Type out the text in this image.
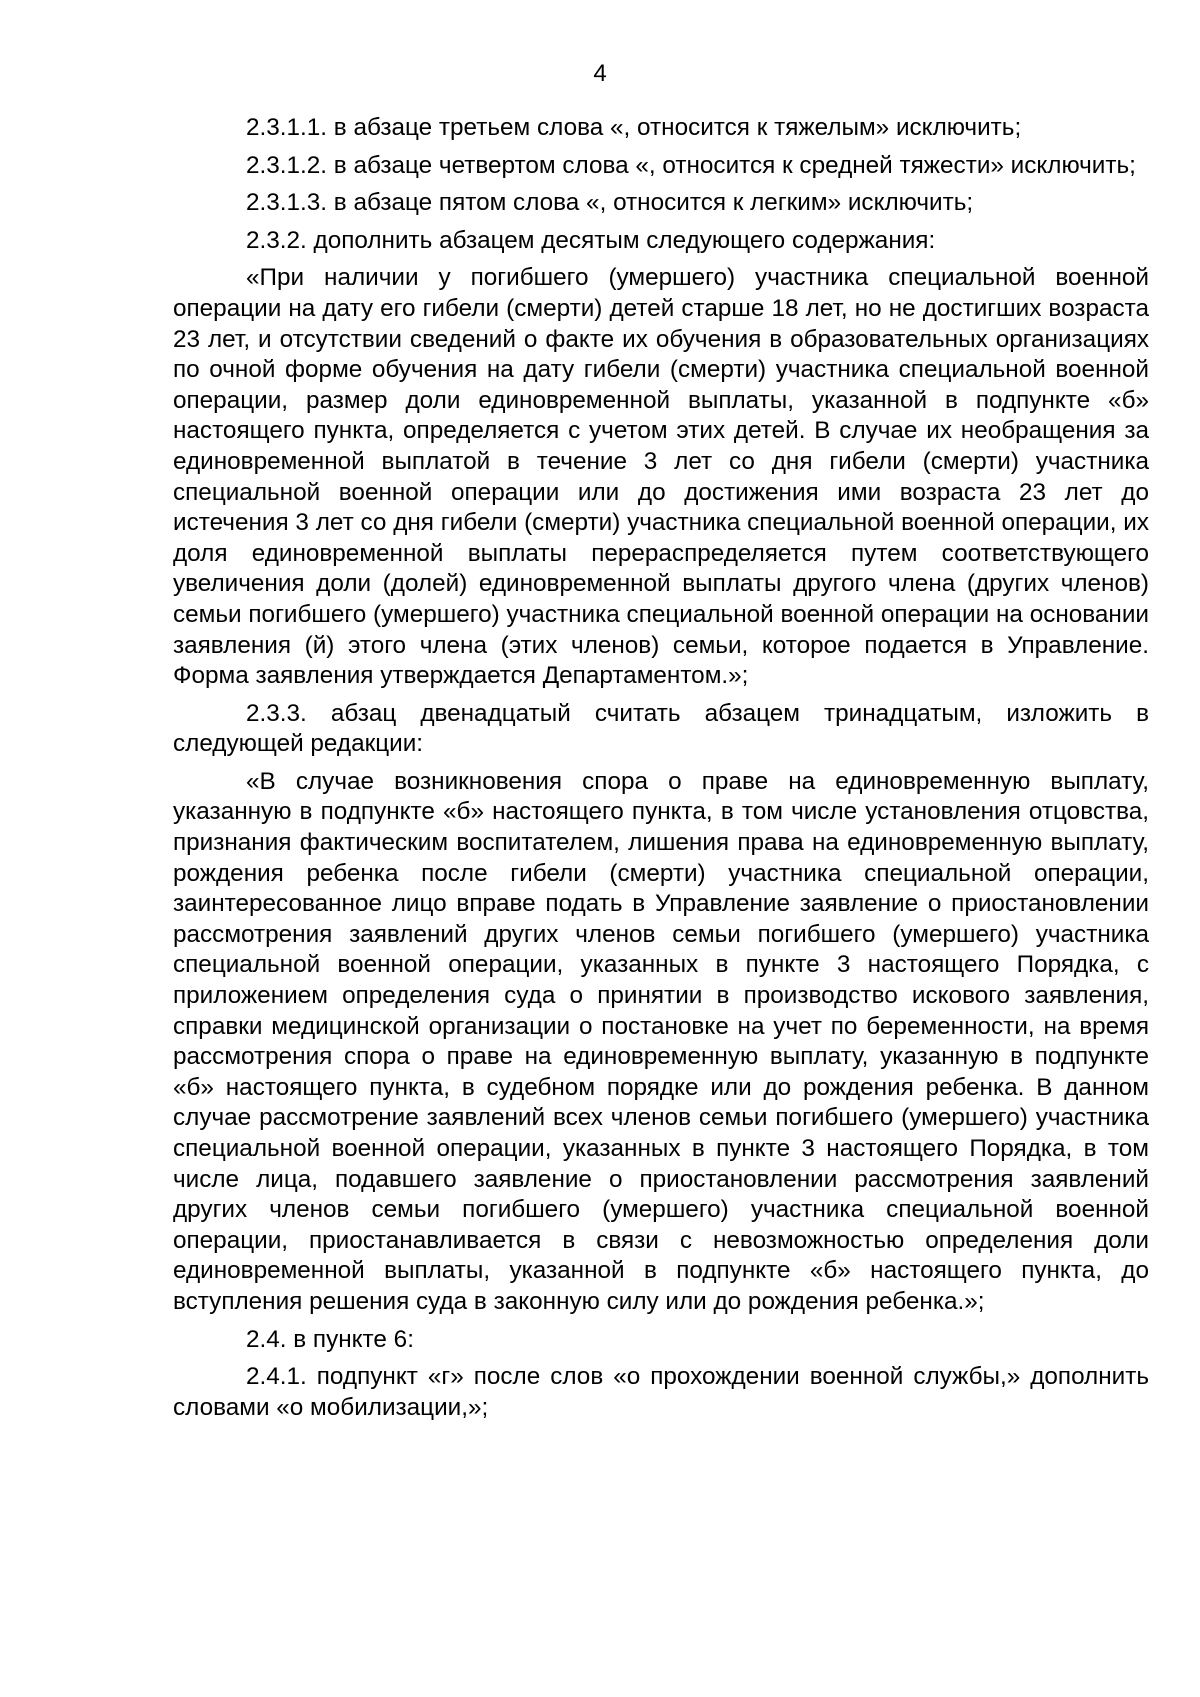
4

2.3.1.1. в абзаце третьем слова «, относится к тяжелым» исключить;

2.3.1.2. в абзаце четвертом слова «, относится к средней тяжести» исключить;

2.3.1.3. в абзаце пятом слова «, относится к легким» исключить;

2.3.2. дополнить абзацем десятым следующего содержания:

«При наличии у погибшего (умершего) участника специальной военной операции на дату его гибели (смерти) детей старше 18 лет, но не достигших возраста 23 лет, и отсутствии сведений о факте их обучения в образовательных организациях по очной форме обучения на дату гибели (смерти) участника специальной военной операции, размер доли единовременной выплаты, указанной в подпункте «б» настоящего пункта, определяется с учетом этих детей. В случае их необращения за единовременной выплатой в течение 3 лет со дня гибели (смерти) участника специальной военной операции или до достижения ими возраста 23 лет до истечения 3 лет со дня гибели (смерти) участника специальной военной операции, их доля единовременной выплаты перераспределяется путем соответствующего увеличения доли (долей) единовременной выплаты другого члена (других членов) семьи погибшего (умершего) участника специальной военной операции на основании заявления (й) этого члена (этих членов) семьи, которое подается в Управление. Форма заявления утверждается Департаментом.»;

2.3.3. абзац двенадцатый считать абзацем тринадцатым, изложить в следующей редакции:

«В случае возникновения спора о праве на единовременную выплату, указанную в подпункте «б» настоящего пункта, в том числе установления отцовства, признания фактическим воспитателем, лишения права на единовременную выплату, рождения ребенка после гибели (смерти) участника специальной операции, заинтересованное лицо вправе подать в Управление заявление о приостановлении рассмотрения заявлений других членов семьи погибшего (умершего) участника специальной военной операции, указанных в пункте 3 настоящего Порядка, с приложением определения суда о принятии в производство искового заявления, справки медицинской организации о постановке на учет по беременности, на время рассмотрения спора о праве на единовременную выплату, указанную в подпункте «б» настоящего пункта, в судебном порядке или до рождения ребенка. В данном случае рассмотрение заявлений всех членов семьи погибшего (умершего) участника специальной военной операции, указанных в пункте 3 настоящего Порядка, в том числе лица, подавшего заявление о приостановлении рассмотрения заявлений других членов семьи погибшего (умершего) участника специальной военной операции, приостанавливается в связи с невозможностью определения доли единовременной выплаты, указанной в подпункте «б» настоящего пункта, до вступления решения суда в законную силу или до рождения ребенка.»;

2.4. в пункте 6:

2.4.1. подпункт «г» после слов «о прохождении военной службы,» дополнить словами «о мобилизации,»;
